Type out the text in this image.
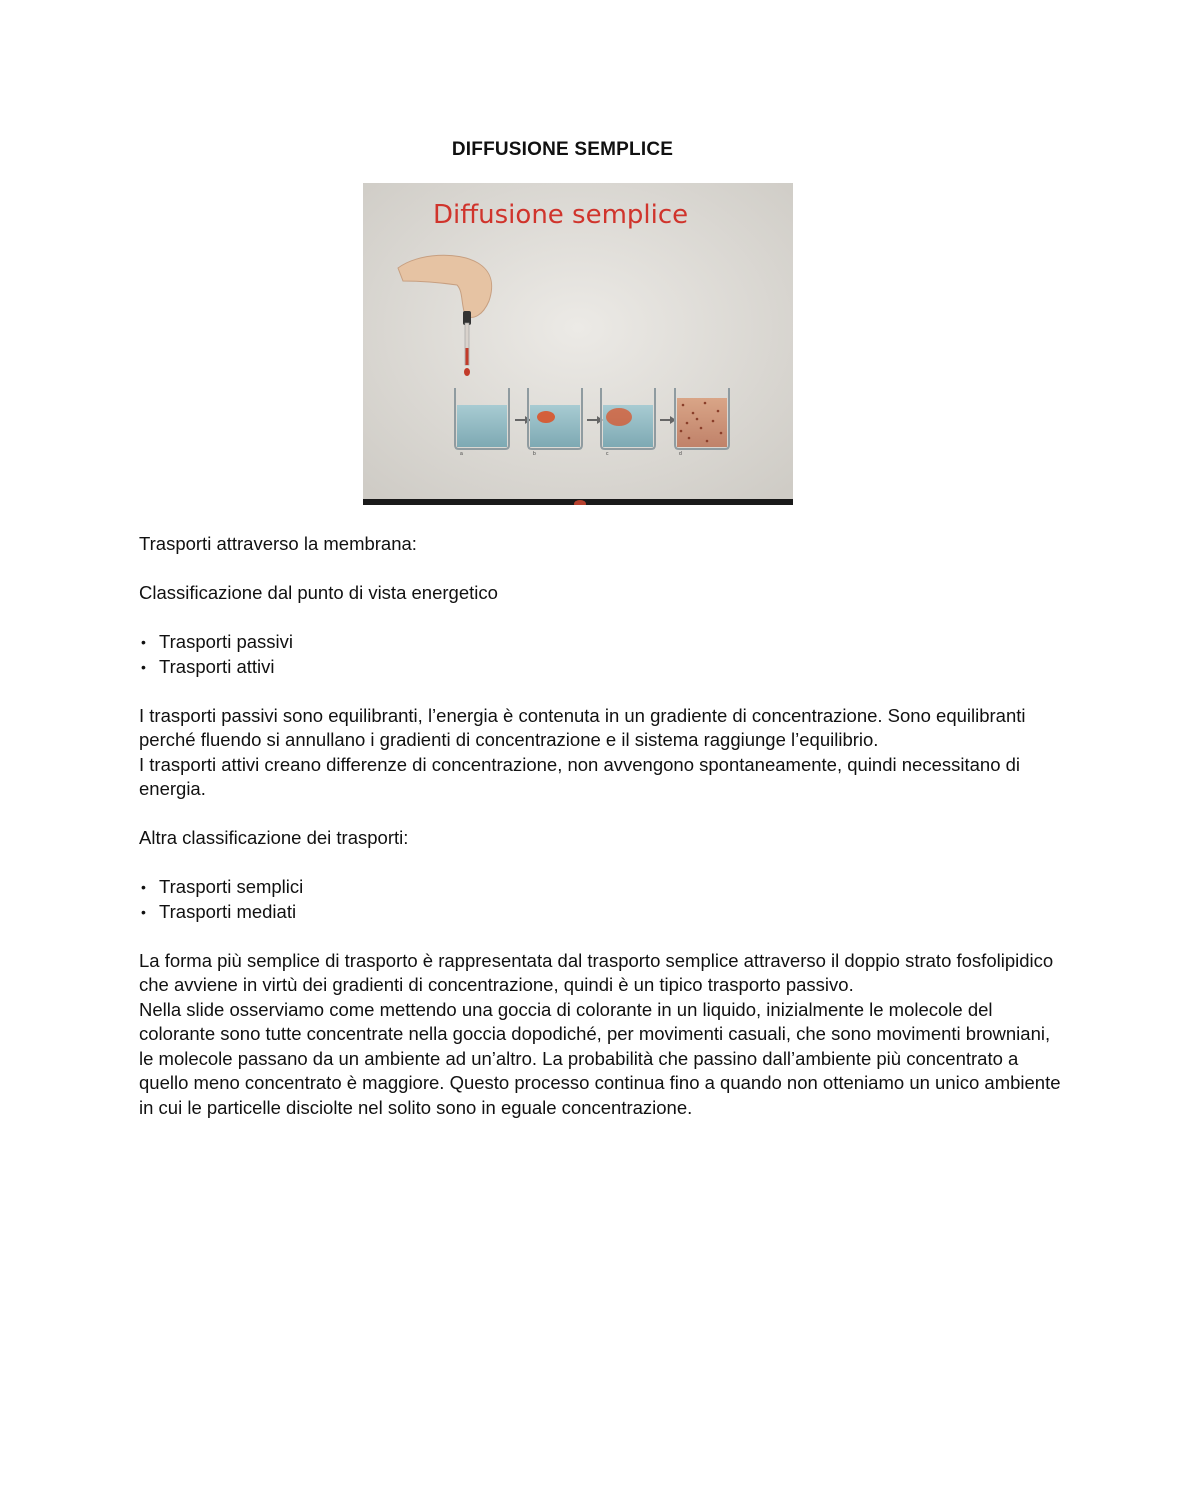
DIFFUSIONE SEMPLICE
Diffusione semplice
a	b	c	d

Trasporti attraverso la membrana:

Classificazione dal punto di vista energetico

• Trasporti passivi
• Trasporti attivi

I trasporti passivi sono equilibranti, l’energia è contenuta in un gradiente di concentrazione. Sono equilibranti perché fluendo si annullano i gradienti di concentrazione e il sistema raggiunge l’equilibrio.

I trasporti attivi creano differenze di concentrazione, non avvengono spontaneamente, quindi necessitano di energia.

Altra classificazione dei trasporti:

• Trasporti semplici
• Trasporti mediati

La forma più semplice di trasporto è rappresentata dal trasporto semplice attraverso il doppio strato fosfolipidico che avviene in virtù dei gradienti di concentrazione, quindi è un tipico trasporto passivo.

Nella slide osserviamo come mettendo una goccia di colorante in un liquido, inizialmente le molecole del colorante sono tutte concentrate nella goccia dopodiché, per movimenti casuali, che sono movimenti browniani, le molecole passano da un ambiente ad un’altro. La probabilità che passino dall’ambiente più concentrato a quello meno concentrato è maggiore. Questo processo continua fino a quando non otteniamo un unico ambiente in cui le particelle disciolte nel solito sono in eguale concentrazione.
